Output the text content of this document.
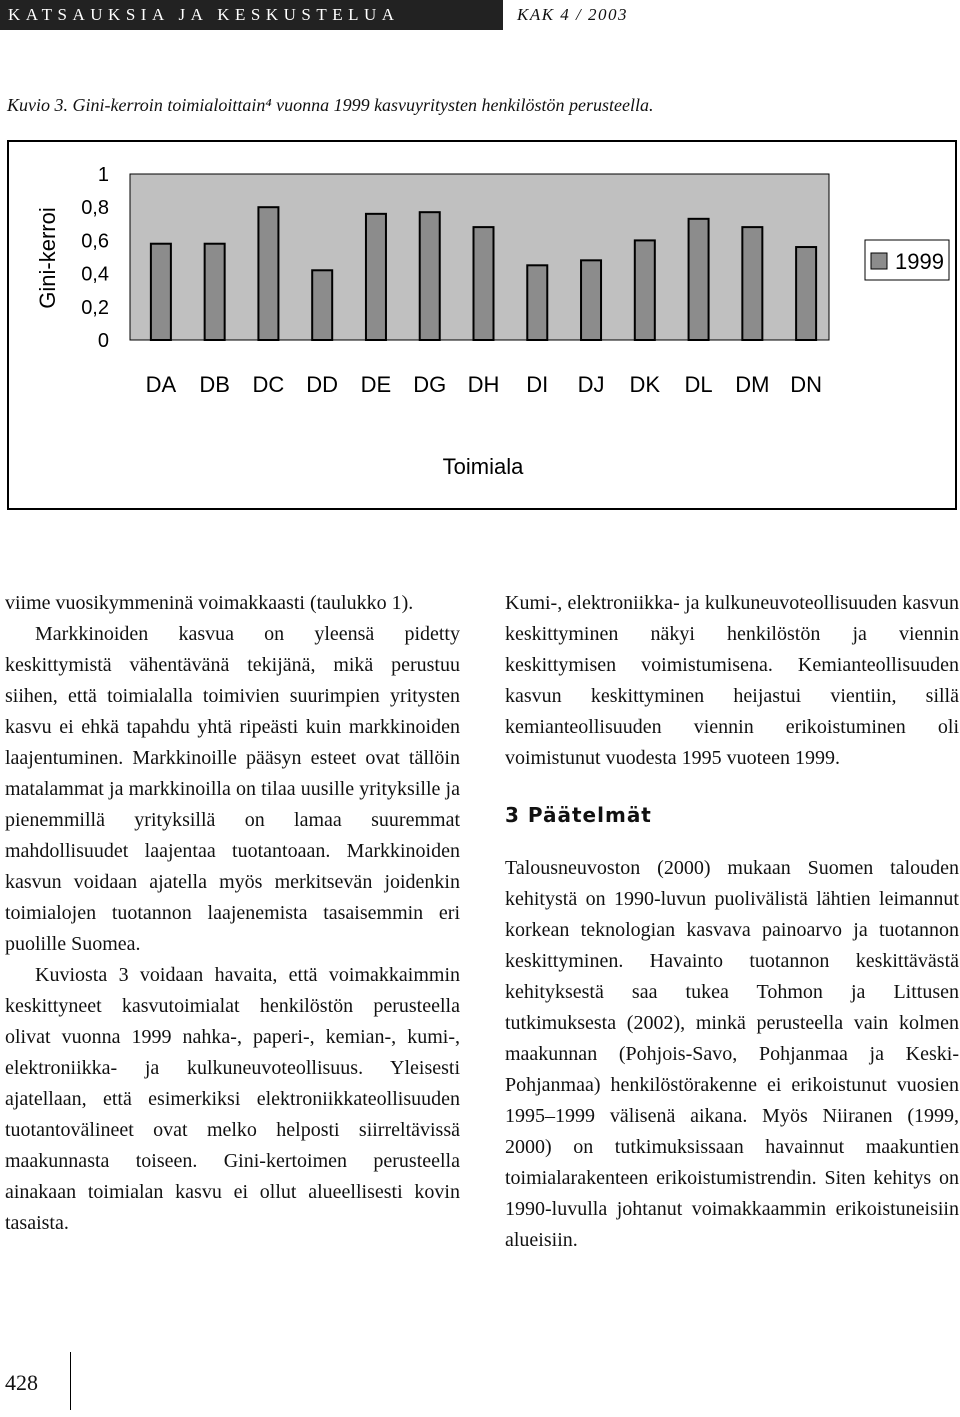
KATSAUKSIA JA KESKUSTELUA	KAK 4 / 2003
Kuvio 3. Gini-kerroin toimialoittain⁴ vuonna 1999 kasvuyritysten henkilöstön perusteella.
1
0,8
0,6
0,4
0,2
0
Gini-kerroi
DA DB DC DD DE DG DH DI DJ DK DL DM DN
Toimiala
1999

viime vuosikymmeninä voimakkaasti (taulukko 1).

Markkinoiden kasvua on yleensä pidetty keskittymistä vähentävänä tekijänä, mikä perustuu siihen, että toimialalla toimivien suurimpien yritysten kasvu ei ehkä tapahdu yhtä ripeästi kuin markkinoiden laajentuminen. Markkinoille pääsyn esteet ovat tällöin matalammat ja markkinoilla on tilaa uusille yrityksille ja pienemmillä yrityksillä on lamaa suuremmat mahdollisuudet laajentaa tuotantoaan. Markkinoiden kasvun voidaan ajatella myös merkitsevän joidenkin toimialojen tuotannon laajenemista tasaisemmin eri puolille Suomea.

Kuviosta 3 voidaan havaita, että voimakkaimmin keskittyneet kasvutoimialat henkilöstön perusteella olivat vuonna 1999 nahka-, paperi-, kemian-, kumi-, elektroniikka- ja kulkuneuvoteollisuus. Yleisesti ajatellaan, että esimerkiksi elektroniikkateollisuuden tuotantovälineet ovat melko helposti siirreltävissä maakunnasta toiseen. Gini-kertoimen perusteella ainakaan toimialan kasvu ei ollut alueellisesti kovin tasaista.

Kumi-, elektroniikka- ja kulkuneuvoteollisuuden kasvun keskittyminen näkyi henkilöstön ja viennin keskittymisen voimistumisena. Kemianteollisuuden kasvun keskittyminen heijastui vientiin, sillä kemianteollisuuden viennin erikoistuminen oli voimistunut vuodesta 1995 vuoteen 1999.

3 Päätelmät

Talousneuvoston (2000) mukaan Suomen talouden kehitystä on 1990-luvun puolivälistä lähtien leimannut korkean teknologian kasvava painoarvo ja tuotannon keskittyminen. Havainto tuotannon keskittävästä kehityksestä saa tukea Tohmon ja Littusen tutkimuksesta (2002), minkä perusteella vain kolmen maakunnan (Pohjois-Savo, Pohjanmaa ja Keski-Pohjanmaa) henkilöstörakenne ei erikoistunut vuosien 1995–1999 välisenä aikana. Myös Niiranen (1999, 2000) on tutkimuksissaan havainnut maakuntien toimialarakenteen erikoistumistrendin. Siten kehitys on 1990-luvulla johtanut voimakkaammin erikoistuneisiin alueisiin.

428
